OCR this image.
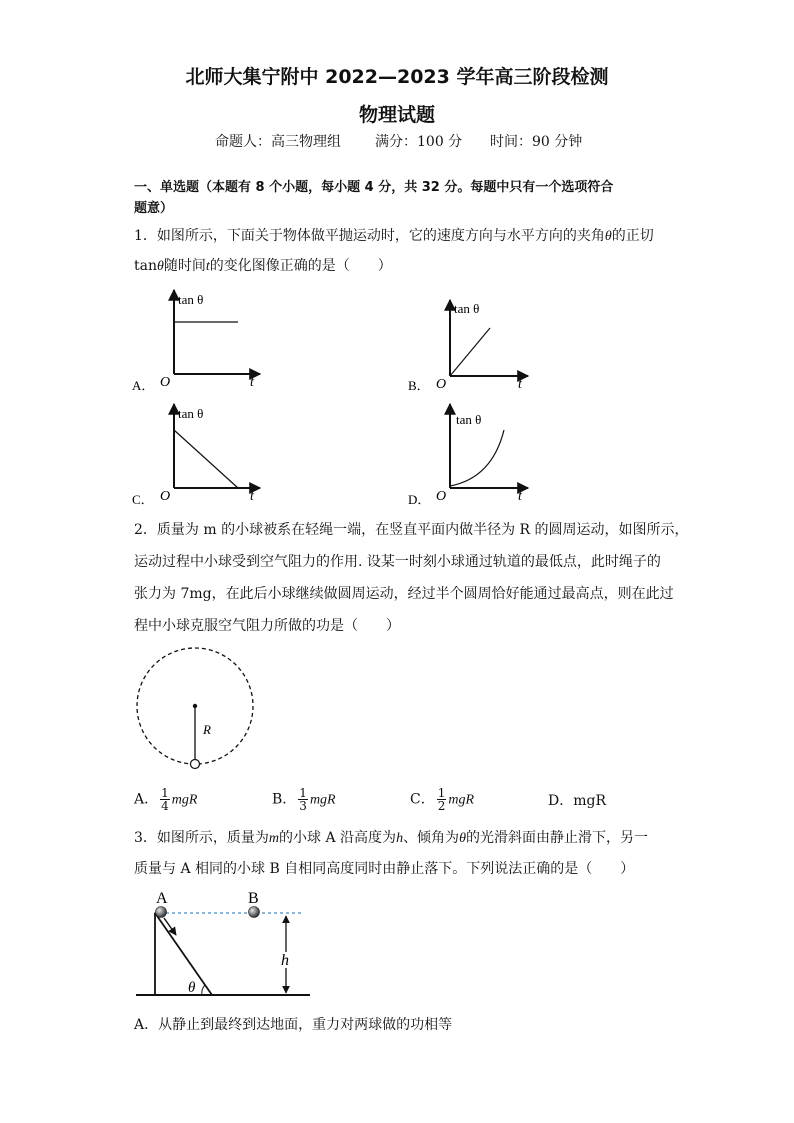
北师大集宁附中 2022—2023 学年高三阶段检测
物理试题
命题人：高三物理组 满分：100 分 时间：90 分钟
一、单选题（本题有 8 个小题，每小题 4 分，共 32 分。每题中只有一个选项符合
题意）
1．如图所示，下面关于物体做平抛运动时，它的速度方向与水平方向的夹角θ的正切
tanθ随时间t的变化图像正确的是（　　）
tan θ
O	t
A．
tan θ
O	t
B．
tan θ
O	t
C．
tan θ
O	t
D．
2．质量为 m 的小球被系在轻绳一端，在竖直平面内做半径为 R 的圆周运动，如图所示，
运动过程中小球受到空气阻力的作用. 设某一时刻小球通过轨道的最低点，此时绳子的
张力为 7mg，在此后小球继续做圆周运动，经过半个圆周恰好能通过最高点，则在此过
程中小球克服空气阻力所做的功是（　　）
R
A． $\frac{1}{4}$ mgR	B． $\frac{1}{3}$ mgR	C． $\frac{1}{2}$ mgR	D．mgR
3．如图所示，质量为m的小球 A 沿高度为h、倾角为θ的光滑斜面由静止滑下，另一
质量与 A 相同的小球 B 自相同高度同时由静止落下。下列说法正确的是（　　）
A	B
h
θ
A．从静止到最终到达地面，重力对两球做的功相等
